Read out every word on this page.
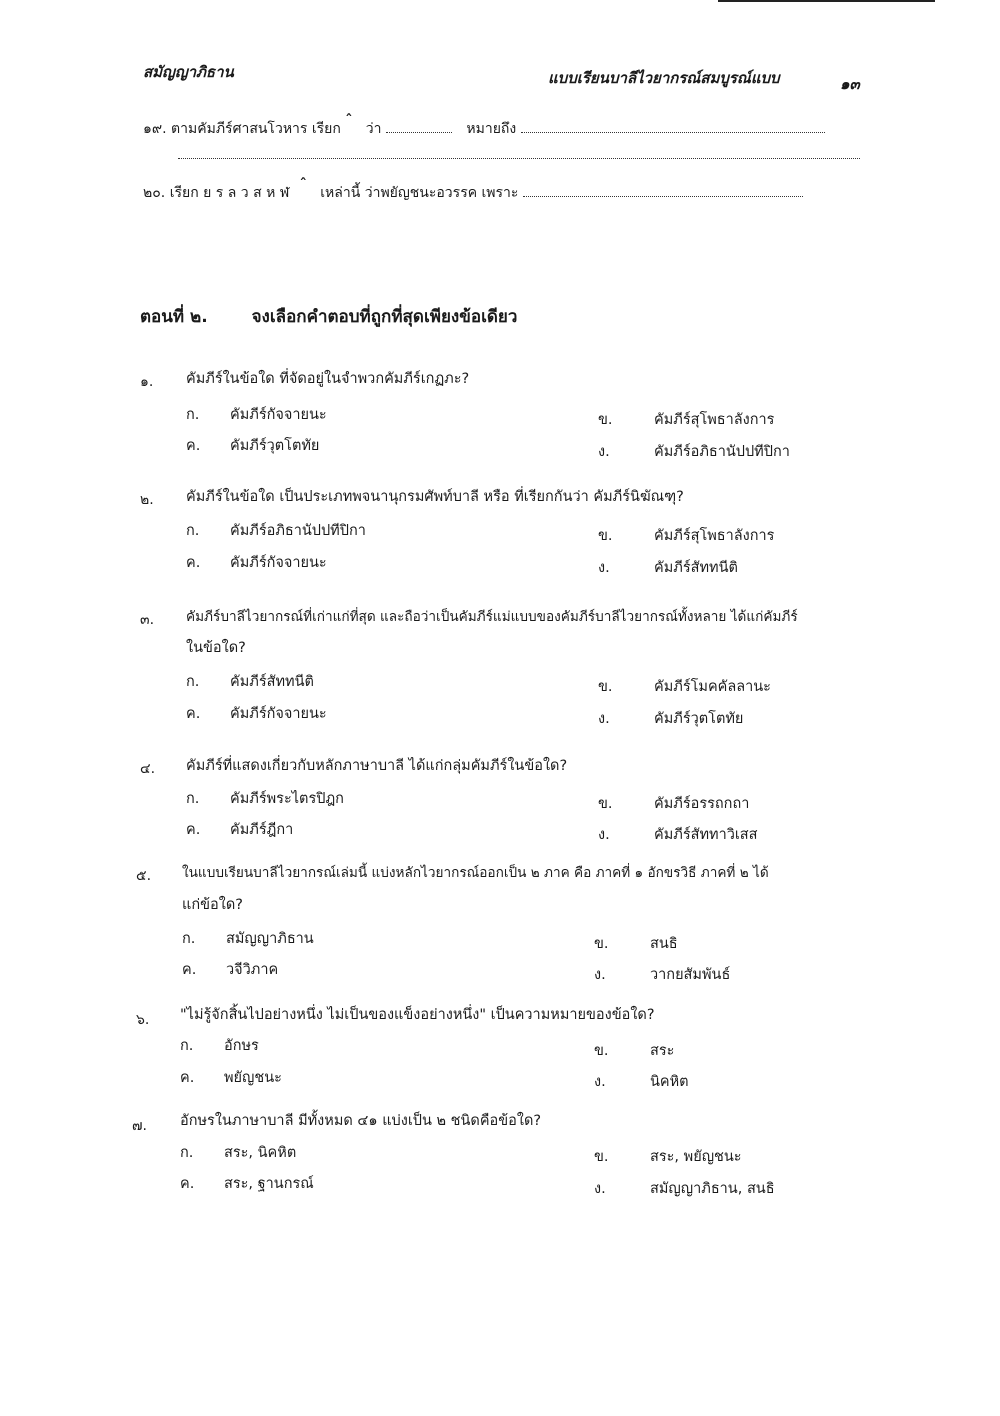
สมัญญาภิธาน	แบบเรียนบาลีไวยากรณ์สมบูรณ์แบบ	๑๓
๑๙. ตามคัมภีร์ศาสนโวหาร เรียก ˆ ว่า	หมายถึง
๒๐. เรียก ย ร ล ว ส ห ฬ ˆ เหล่านี้ ว่าพยัญชนะอวรรค เพราะ
ตอนที่ ๒.	จงเลือกคำตอบที่ถูกที่สุดเพียงข้อเดียว
๑. คัมภีร์ในข้อใด ที่จัดอยู่ในจำพวกคัมภีร์เกฏภะ?
ก. คัมภีร์กัจจายนะ	ข.	คัมภีร์สุโพธาลังการ
ค. คัมภีร์วุตโตทัย	ง.	คัมภีร์อภิธานัปปทีปิกา
๒. คัมภีร์ในข้อใด เป็นประเภทพจนานุกรมศัพท์บาลี หรือ ที่เรียกกันว่า คัมภีร์นิฆัณฑุ?
ก. คัมภีร์อภิธานัปปทีปิกา	ข.	คัมภีร์สุโพธาลังการ
ค. คัมภีร์กัจจายนะ	ง.	คัมภีร์สัททนีติ
๓. คัมภีร์บาลีไวยากรณ์ที่เก่าแก่ที่สุด และถือว่าเป็นคัมภีร์แม่แบบของคัมภีร์บาลีไวยากรณ์ทั้งหลาย ได้แก่คัมภีร์
ในข้อใด?
ก. คัมภีร์สัททนีติ	ข.	คัมภีร์โมคคัลลานะ
ค. คัมภีร์กัจจายนะ	ง.	คัมภีร์วุตโตทัย
๔. คัมภีร์ที่แสดงเกี่ยวกับหลักภาษาบาลี ได้แก่กลุ่มคัมภีร์ในข้อใด?
ก. คัมภีร์พระไตรปิฎก	ข.	คัมภีร์อรรถกถา
ค. คัมภีร์ฎีกา	ง.	คัมภีร์สัททาวิเสส
๕. ในแบบเรียนบาลีไวยากรณ์เล่มนี้ แบ่งหลักไวยากรณ์ออกเป็น ๒ ภาค คือ ภาคที่ ๑ อักขรวิธี ภาคที่ ๒ ได้
แก่ข้อใด?
ก. สมัญญาภิธาน	ข.	สนธิ
ค. วจีวิภาค	ง.	วากยสัมพันธ์
๖. "ไม่รู้จักสิ้นไปอย่างหนึ่ง ไม่เป็นของแข็งอย่างหนึ่ง" เป็นความหมายของข้อใด?
ก. อักษร	ข.	สระ
ค. พยัญชนะ	ง.	นิคหิต
๗. อักษรในภาษาบาลี มีทั้งหมด ๔๑ แบ่งเป็น ๒ ชนิดคือข้อใด?
ก. สระ, นิคหิต	ข.	สระ, พยัญชนะ
ค. สระ, ฐานกรณ์	ง.	สมัญญาภิธาน, สนธิ
